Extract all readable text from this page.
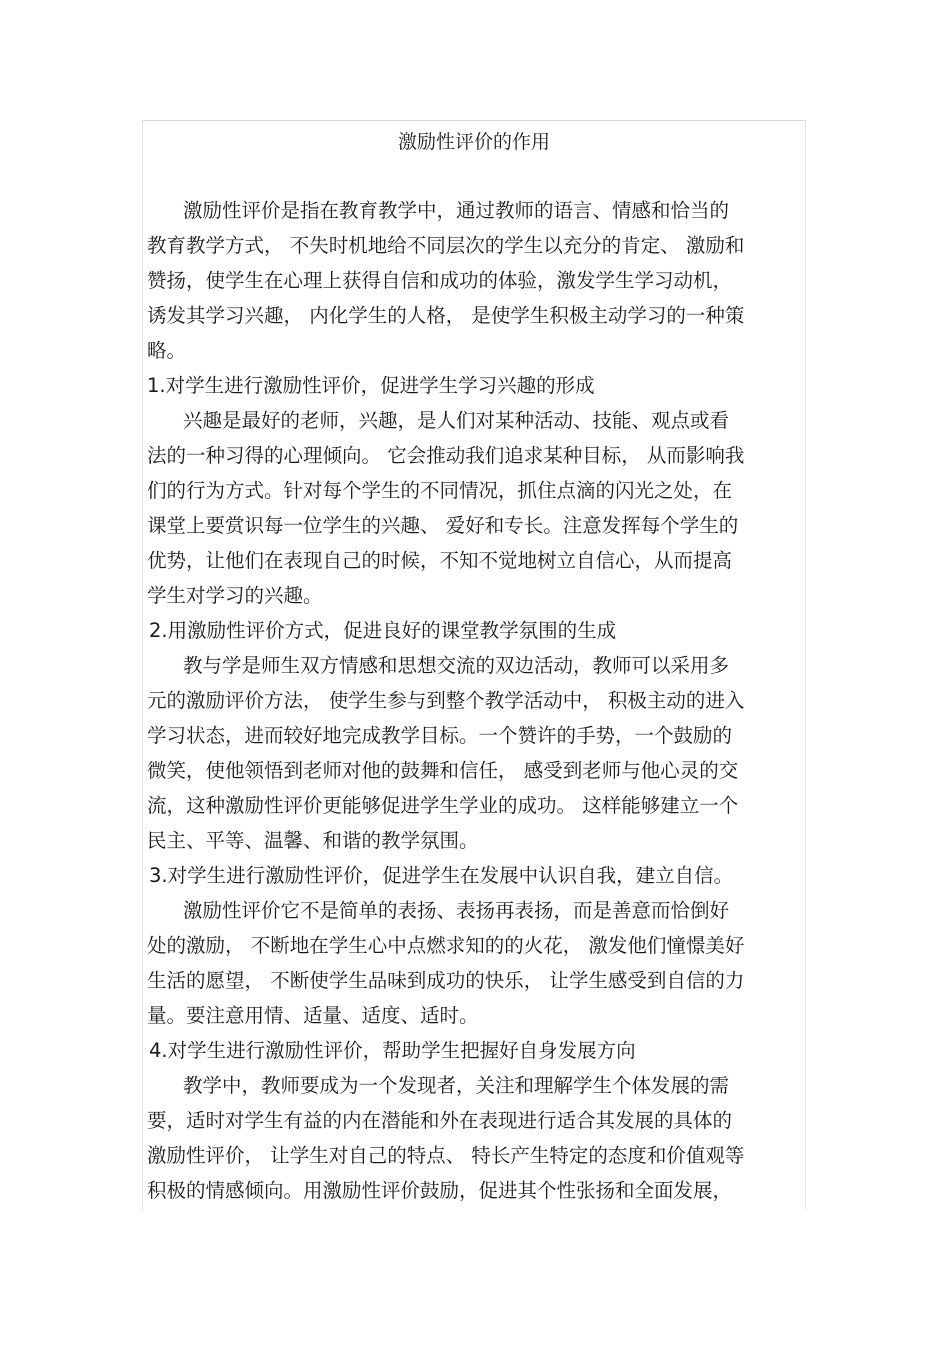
激励性评价的作用
激励性评价是指在教育教学中，通过教师的语言、情感和恰当的
教育教学方式， 不失时机地给不同层次的学生以充分的肯定、 激励和
赞扬，使学生在心理上获得自信和成功的体验，激发学生学习动机，
诱发其学习兴趣， 内化学生的人格， 是使学生积极主动学习的一种策
略。
1.对学生进行激励性评价，促进学生学习兴趣的形成
兴趣是最好的老师，兴趣，是人们对某种活动、技能、观点或看
法的一种习得的心理倾向。 它会推动我们追求某种目标， 从而影响我
们的行为方式。针对每个学生的不同情况，抓住点滴的闪光之处，在
课堂上要赏识每一位学生的兴趣、 爱好和专长。注意发挥每个学生的
优势，让他们在表现自己的时候，不知不觉地树立自信心，从而提高
学生对学习的兴趣。
2.用激励性评价方式，促进良好的课堂教学氛围的生成
教与学是师生双方情感和思想交流的双边活动，教师可以采用多
元的激励评价方法， 使学生参与到整个教学活动中， 积极主动的进入
学习状态，进而较好地完成教学目标。一个赞许的手势，一个鼓励的
微笑，使他领悟到老师对他的鼓舞和信任， 感受到老师与他心灵的交
流，这种激励性评价更能够促进学生学业的成功。 这样能够建立一个
民主、平等、温馨、和谐的教学氛围。
3.对学生进行激励性评价，促进学生在发展中认识自我，建立自信。
激励性评价它不是简单的表扬、表扬再表扬，而是善意而恰倒好
处的激励， 不断地在学生心中点燃求知的的火花， 激发他们憧憬美好
生活的愿望， 不断使学生品味到成功的快乐， 让学生感受到自信的力
量。要注意用情、适量、适度、适时。
4.对学生进行激励性评价，帮助学生把握好自身发展方向
教学中，教师要成为一个发现者，关注和理解学生个体发展的需
要，适时对学生有益的内在潜能和外在表现进行适合其发展的具体的
激励性评价， 让学生对自己的特点、 特长产生特定的态度和价值观等
积极的情感倾向。用激励性评价鼓励，促进其个性张扬和全面发展，
